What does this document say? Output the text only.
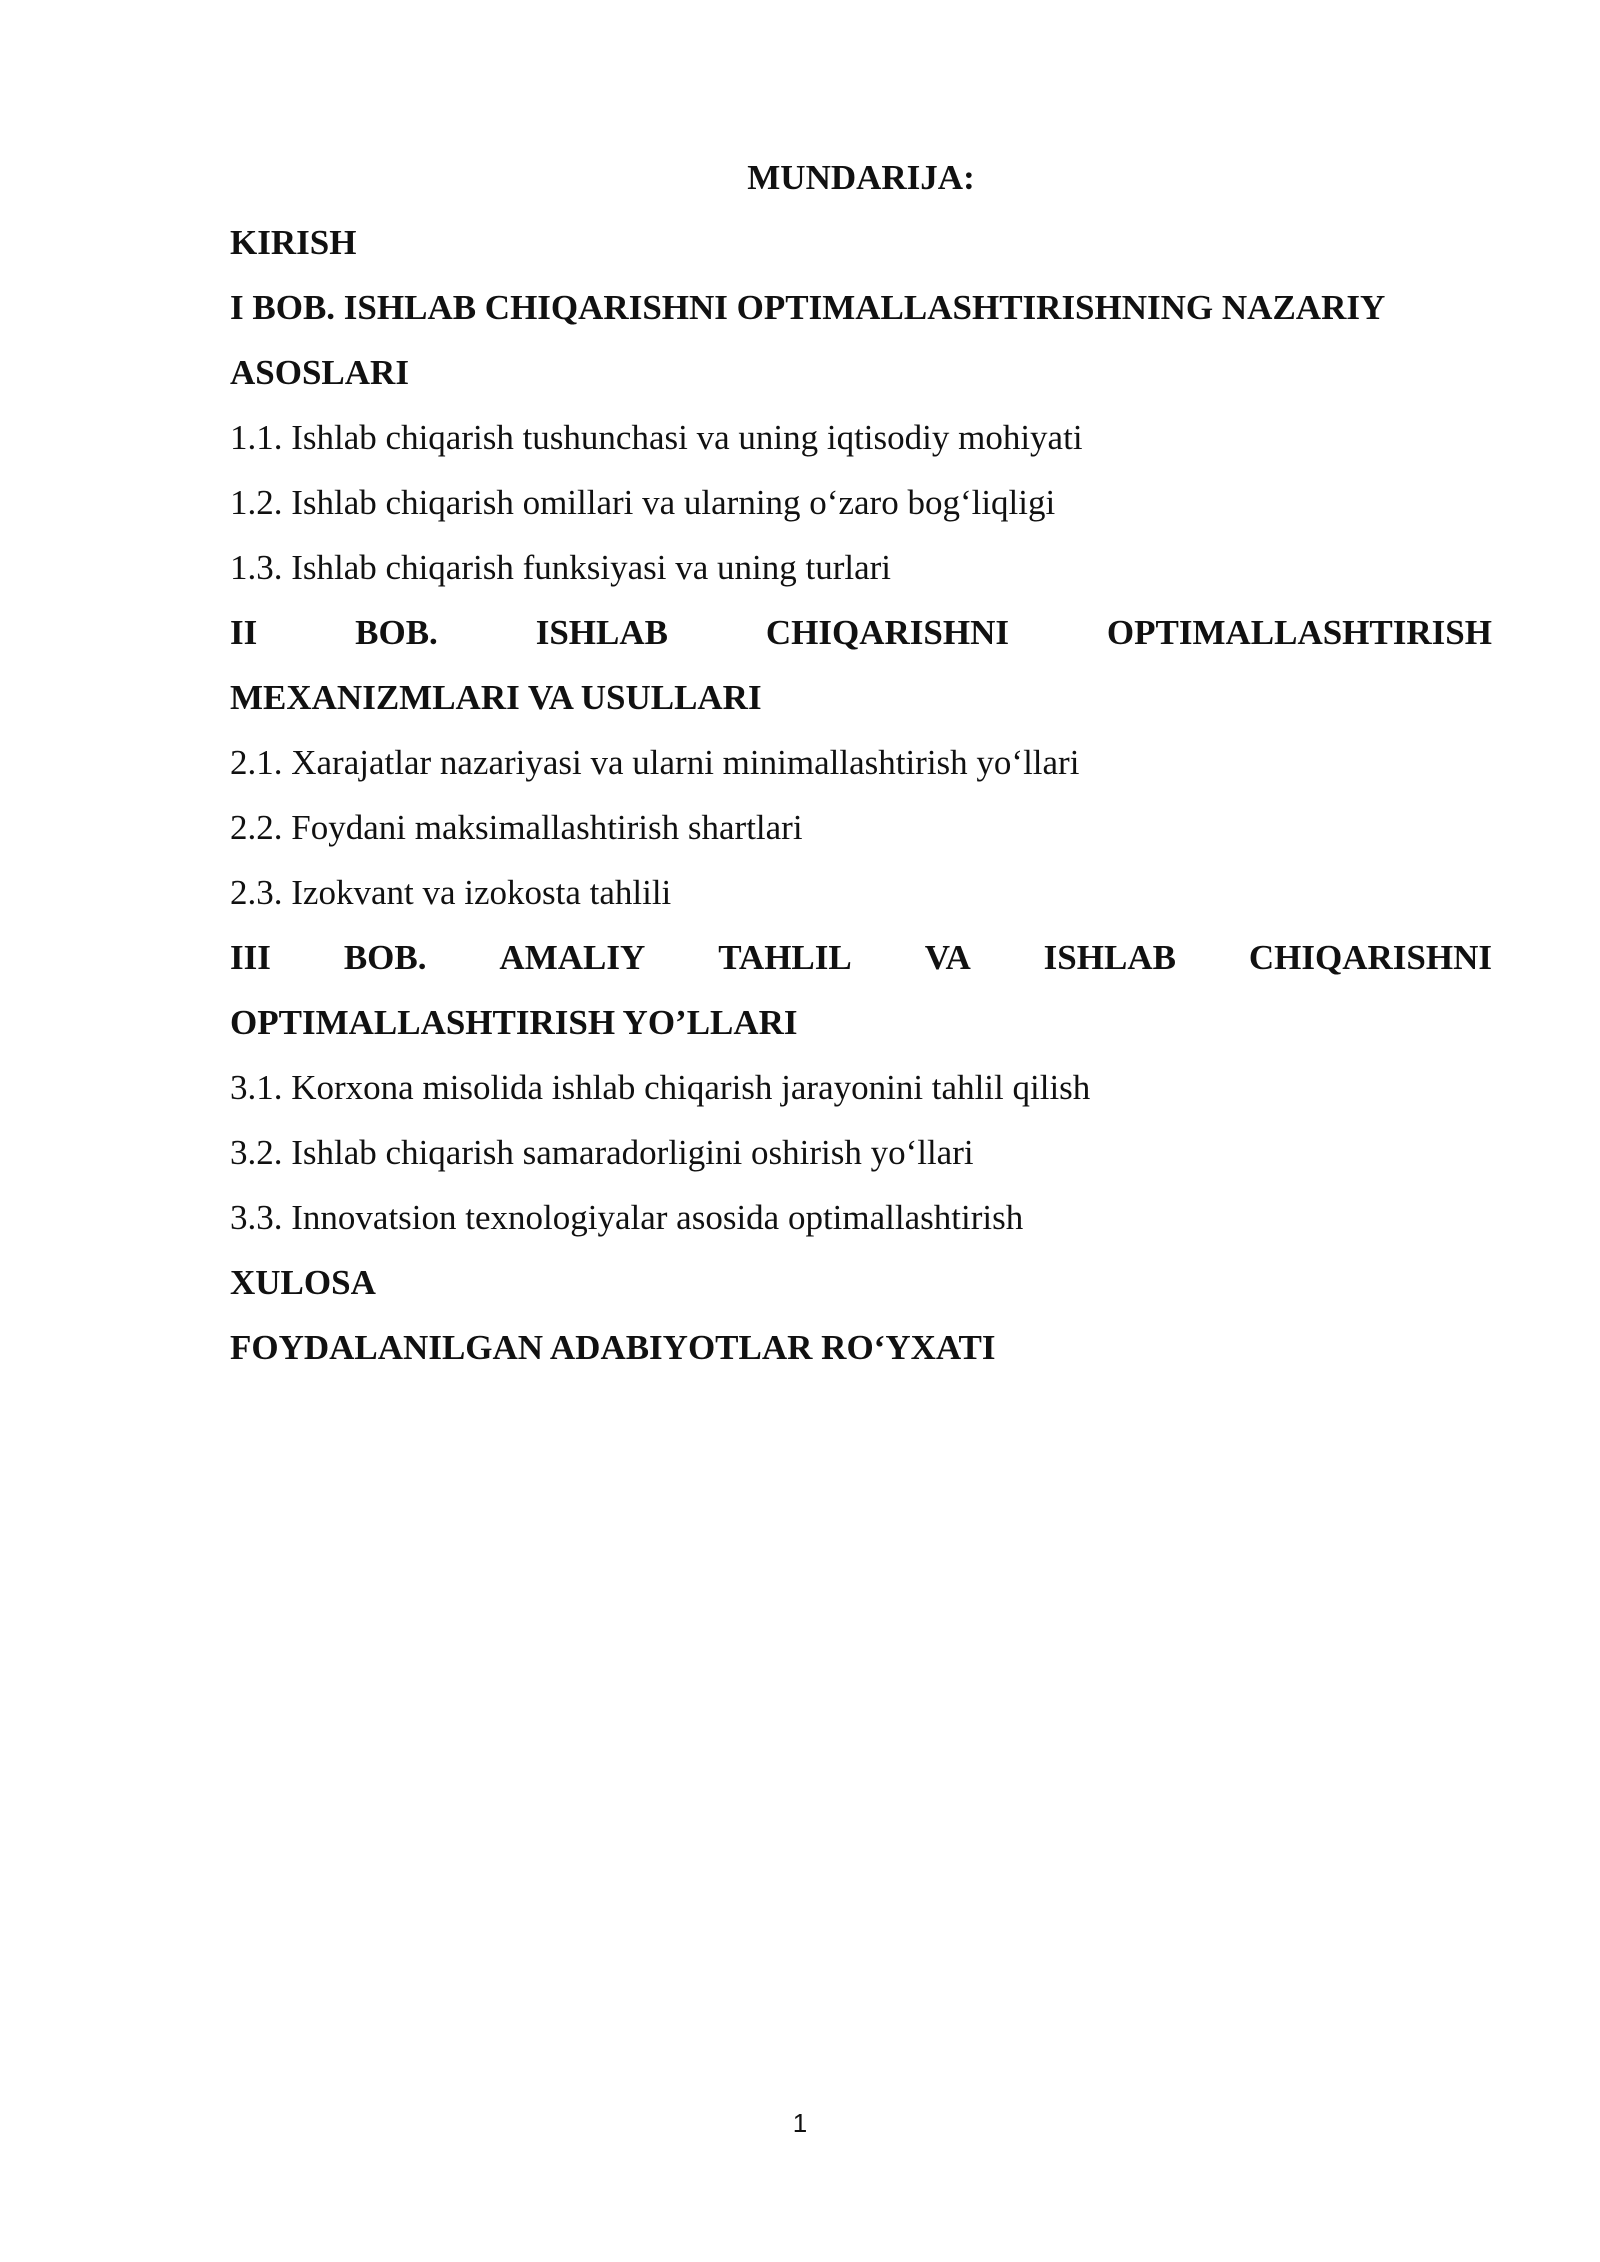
MUNDARIJA:

KIRISH

I BOB. ISHLAB CHIQARISHNI OPTIMALLASHTIRISHNING NAZARIY

ASOSLARI

1.1. Ishlab chiqarish tushunchasi va uning iqtisodiy mohiyati

1.2. Ishlab chiqarish omillari va ularning o‘zaro bog‘liqligi

1.3. Ishlab chiqarish funksiyasi va uning turlari

II	BOB.	ISHLAB	CHIQARISHNI	OPTIMALLASHTIRISH

MEXANIZMLARI VA USULLARI

2.1. Xarajatlar nazariyasi va ularni minimallashtirish yo‘llari

2.2. Foydani maksimallashtirish shartlari

2.3. Izokvant va izokosta tahlili

III BOB. AMALIY TAHLIL VA ISHLAB CHIQARISHNI

OPTIMALLASHTIRISH YO’LLARI

3.1. Korxona misolida ishlab chiqarish jarayonini tahlil qilish

3.2. Ishlab chiqarish samaradorligini oshirish yo‘llari

3.3. Innovatsion texnologiyalar asosida optimallashtirish

XULOSA

FOYDALANILGAN ADABIYOTLAR RO‘YXATI

1
